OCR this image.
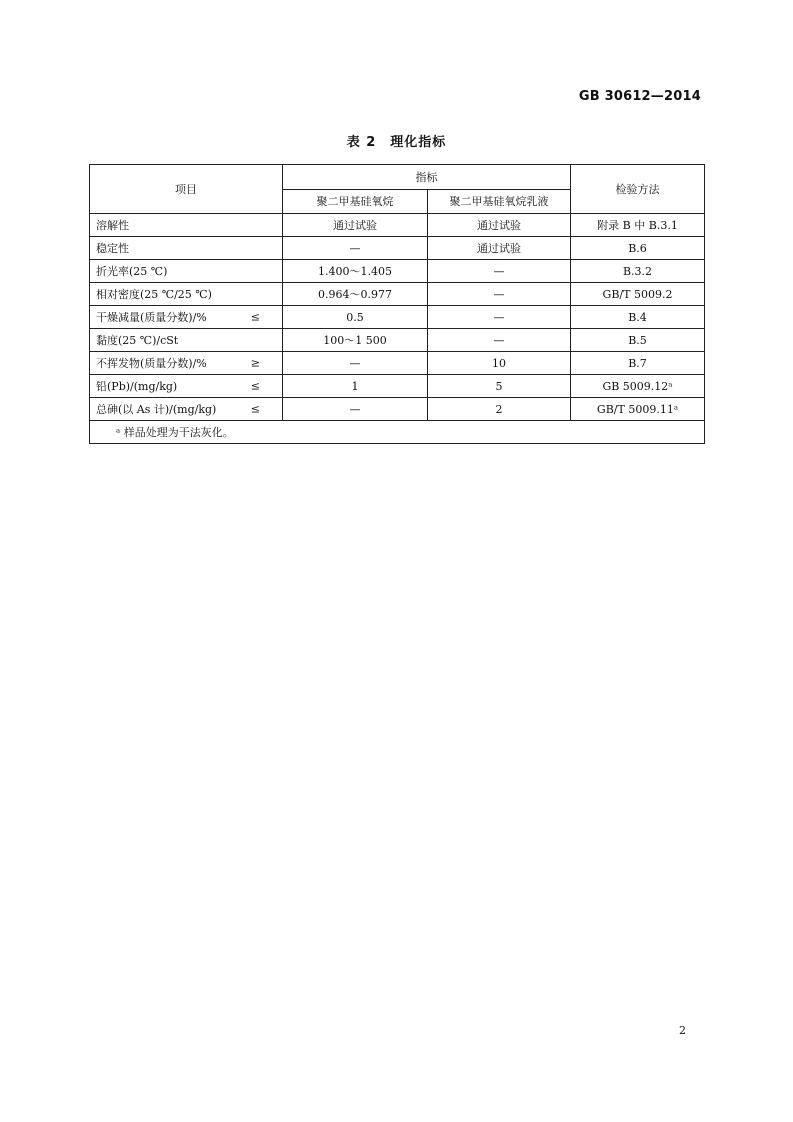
GB 30612—2014
表 2　理化指标
项目	指标		检验方法
	聚二甲基硅氧烷	聚二甲基硅氧烷乳液	
溶解性	通过试验	通过试验	附录 B 中 B.3.1
稳定性	—	通过试验	B.6
折光率(25 ℃)	1.400～1.405	—	B.3.2
相对密度(25 ℃/25 ℃)	0.964～0.977	—	GB/T 5009.2
干燥减量(质量分数)/% ≤	0.5	—	B.4
黏度(25 ℃)/cSt	100～1 500	—	B.5
不挥发物(质量分数)/% ≥	—	10	B.7
铅(Pb)/(mg/kg) ≤	1	5	GB 5009.12ᵃ
总砷(以 As 计)/(mg/kg) ≤	—	2	GB/T 5009.11ᵃ
ᵃ 样品处理为干法灰化。			
2
